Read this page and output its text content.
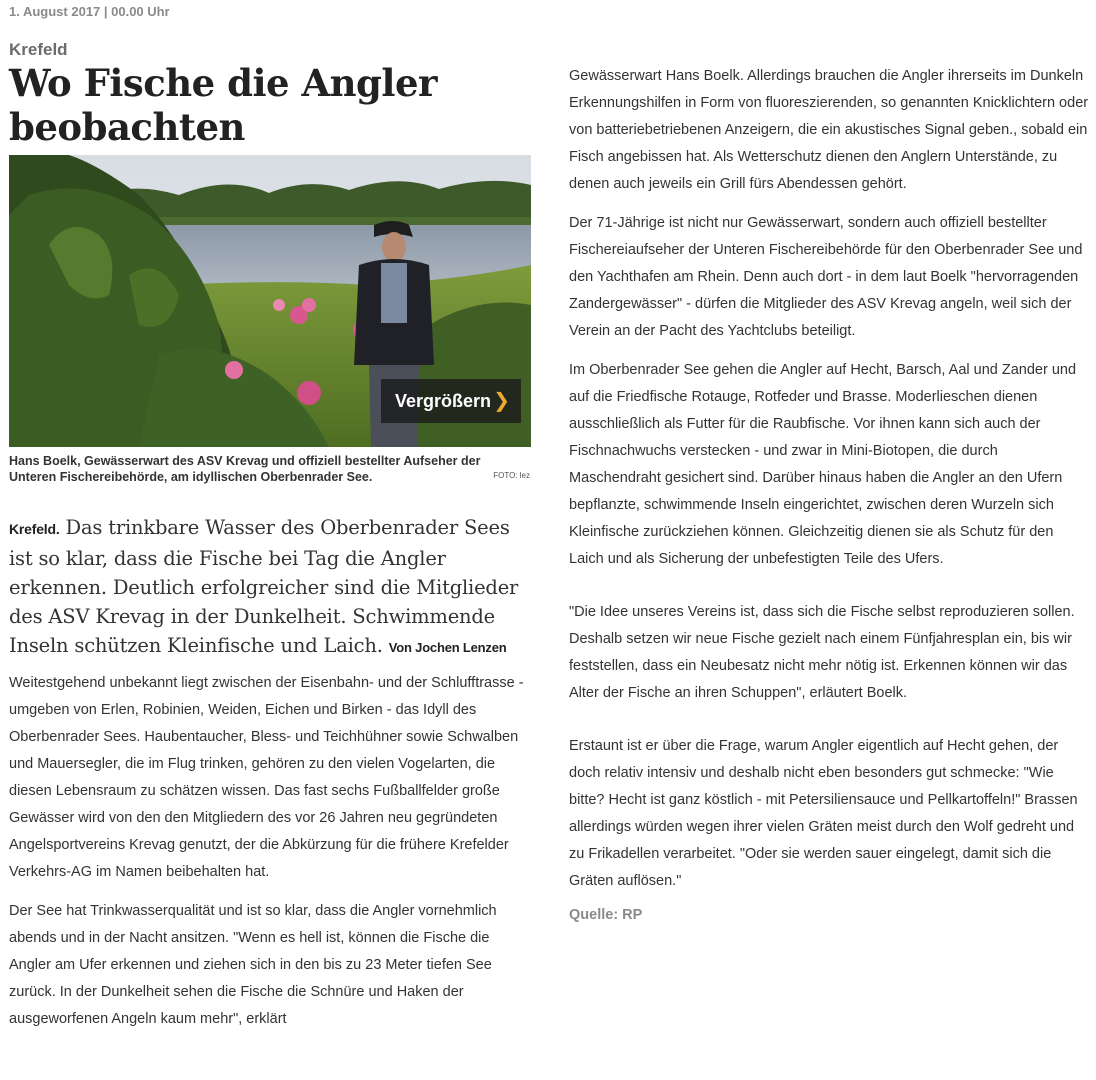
1. August 2017 | 00.00 Uhr
Krefeld
Wo Fische die Angler beobachten
Vergrößern ❯
Hans Boelk, Gewässerwart des ASV Krevag und offiziell bestellter Aufseher der Unteren Fischereibehörde, am idyllischen Oberbenrader See.	FOTO: lez
Krefeld. Das trinkbare Wasser des Oberbenrader Sees ist so klar, dass die Fische bei Tag die Angler erkennen. Deutlich erfolgreicher sind die Mitglieder des ASV Krevag in der Dunkelheit. Schwimmende Inseln schützen Kleinfische und Laich. Von Jochen Lenzen

Weitestgehend unbekannt liegt zwischen der Eisenbahn- und der Schlufftrasse - umgeben von Erlen, Robinien, Weiden, Eichen und Birken - das Idyll des Oberbenrader Sees. Haubentaucher, Bless- und Teichhühner sowie Schwalben und Mauersegler, die im Flug trinken, gehören zu den vielen Vogelarten, die diesen Lebensraum zu schätzen wissen. Das fast sechs Fußballfelder große Gewässer wird von den den Mitgliedern des vor 26 Jahren neu gegründeten Angelsportvereins Krevag genutzt, der die Abkürzung für die frühere Krefelder Verkehrs-AG im Namen beibehalten hat.

Der See hat Trinkwasserqualität und ist so klar, dass die Angler vornehmlich abends und in der Nacht ansitzen. "Wenn es hell ist, können die Fische die Angler am Ufer erkennen und ziehen sich in den bis zu 23 Meter tiefen See zurück. In der Dunkelheit sehen die Fische die Schnüre und Haken der ausgeworfenen Angeln kaum mehr", erklärt

Gewässerwart Hans Boelk. Allerdings brauchen die Angler ihrerseits im Dunkeln Erkennungshilfen in Form von fluoreszierenden, so genannten Knicklichtern oder von batteriebetriebenen Anzeigern, die ein akustisches Signal geben., sobald ein Fisch angebissen hat. Als Wetterschutz dienen den Anglern Unterstände, zu denen auch jeweils ein Grill fürs Abendessen gehört.

Der 71-Jährige ist nicht nur Gewässerwart, sondern auch offiziell bestellter Fischereiaufseher der Unteren Fischereibehörde für den Oberbenrader See und den Yachthafen am Rhein. Denn auch dort - in dem laut Boelk "hervorragenden Zandergewässer" - dürfen die Mitglieder des ASV Krevag angeln, weil sich der Verein an der Pacht des Yachtclubs beteiligt.

Im Oberbenrader See gehen die Angler auf Hecht, Barsch, Aal und Zander und auf die Friedfische Rotauge, Rotfeder und Brasse. Moderlieschen dienen ausschließlich als Futter für die Raubfische. Vor ihnen kann sich auch der Fischnachwuchs verstecken - und zwar in Mini-Biotopen, die durch Maschendraht gesichert sind. Darüber hinaus haben die Angler an den Ufern bepflanzte, schwimmende Inseln eingerichtet, zwischen deren Wurzeln sich Kleinfische zurückziehen können. Gleichzeitig dienen sie als Schutz für den Laich und als Sicherung der unbefestigten Teile des Ufers.

"Die Idee unseres Vereins ist, dass sich die Fische selbst reproduzieren sollen. Deshalb setzen wir neue Fische gezielt nach einem Fünfjahresplan ein, bis wir feststellen, dass ein Neubesatz nicht mehr nötig ist. Erkennen können wir das Alter der Fische an ihren Schuppen", erläutert Boelk.

Erstaunt ist er über die Frage, warum Angler eigentlich auf Hecht gehen, der doch relativ intensiv und deshalb nicht eben besonders gut schmecke: "Wie bitte? Hecht ist ganz köstlich - mit Petersiliensauce und Pellkartoffeln!" Brassen allerdings würden wegen ihrer vielen Gräten meist durch den Wolf gedreht und zu Frikadellen verarbeitet. "Oder sie werden sauer eingelegt, damit sich die Gräten auflösen."

Quelle: RP
